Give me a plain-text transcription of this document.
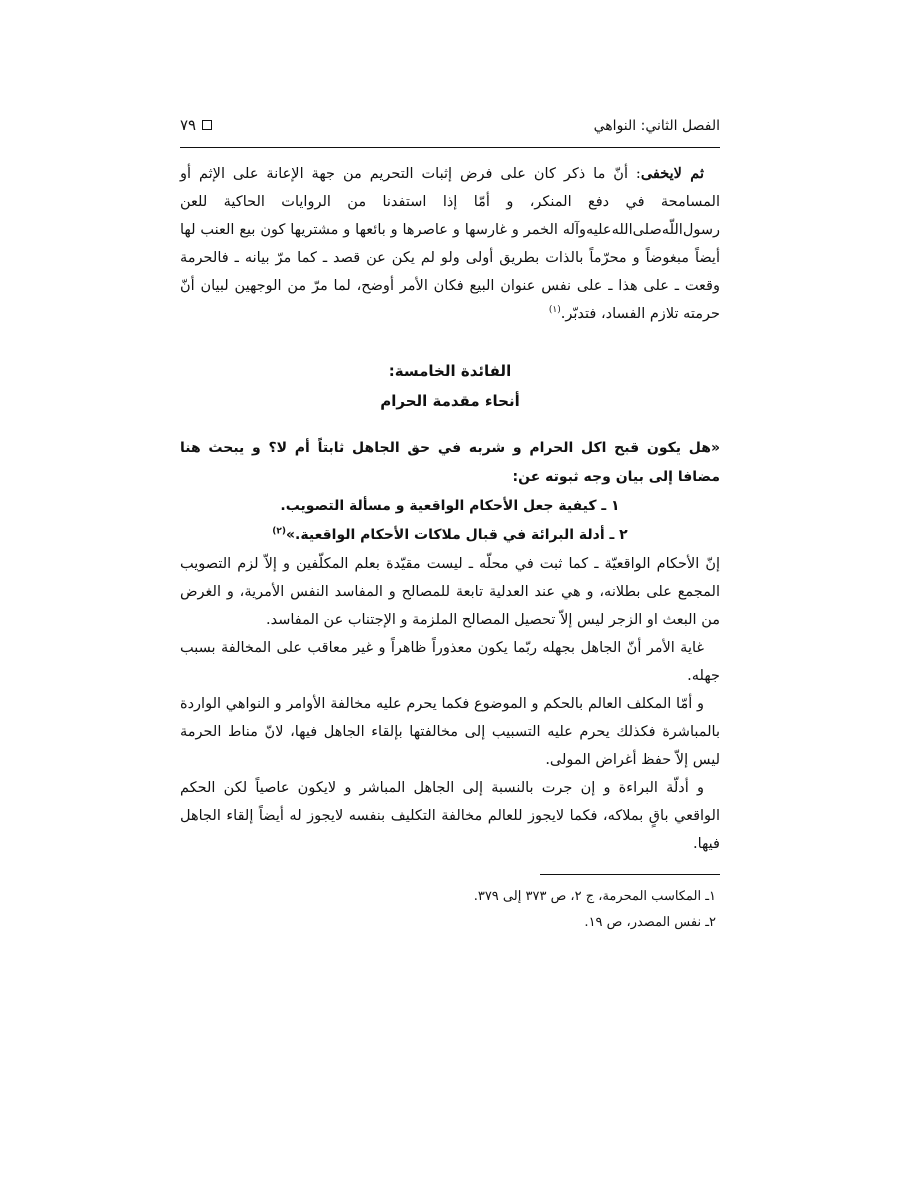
الفصل الثاني: النواهي
٧٩

ثم لايخفى: أنّ ما ذكر كان على فرض إثبات التحريم من جهة الإعانة على الإثم أو المسامحة في دفع المنكر، و أمّا إذا استفدنا من الروايات الحاكية للعن رسول‌اللّه‌صلى‌الله‌عليه‌وآله الخمر و غارسها و عاصرها و بائعها و مشتريها كون بيع العنب لها أيضاً مبغوضاً و محرّماً بالذات بطريق أولى ولو لم يكن عن قصد ـ كما مرّ بيانه ـ فالحرمة وقعت ـ على هذا ـ على نفس عنوان البيع فكان الأمر أوضح، لما مرّ من الوجهين لبيان أنّ حرمته تلازم الفساد، فتدبّر.$^{(١)}$

الفائدة الخامسة:
أنحاء مقدمة الحرام

«هل يكون قبح اكل الحرام و شربه في حق الجاهل ثابتاً أم لا؟ و يبحث هنا مضافا إلى بيان وجه ثبوته عن:

١ ـ كيفية جعل الأحكام الواقعية و مسألة التصويب.

٢ ـ أدلة البرائة في قبال ملاكات الأحكام الواقعية.»$^{(٢)}$

إنّ الأحكام الواقعيّة ـ كما ثبت في محلّه ـ ليست مقيّدة بعلم المكلّفين و إلاّ لزم التصويب المجمع على بطلانه، و هي عند العدلية تابعة للمصالح و المفاسد النفس الأمرية، و الغرض من البعث او الزجر ليس إلاّ تحصيل المصالح الملزمة و الإجتناب عن المفاسد.

غاية الأمر أنّ الجاهل بجهله ربّما يكون معذوراً ظاهراً و غير معاقب على المخالفة بسبب جهله.

و أمّا المكلف العالم بالحكم و الموضوع فكما يحرم عليه مخالفة الأوامر و النواهي الواردة بالمباشرة فكذلك يحرم عليه التسبيب إلى مخالفتها بإلقاء الجاهل فيها، لانّ مناط الحرمة ليس إلاّ حفظ أغراض المولى.

و أدلّة البراءة و إن جرت بالنسبة إلى الجاهل المباشر و لايكون عاصياً لكن الحكم الواقعي باقٍ بملاكه، فكما لايجوز للعالم مخالفة التكليف بنفسه لايجوز له أيضاً إلقاء الجاهل فيها.

١ـ المكاسب المحرمة، ج ٢، ص ٣٧٣ إلى ٣٧٩.

٢ـ نفس المصدر، ص ١٩.
